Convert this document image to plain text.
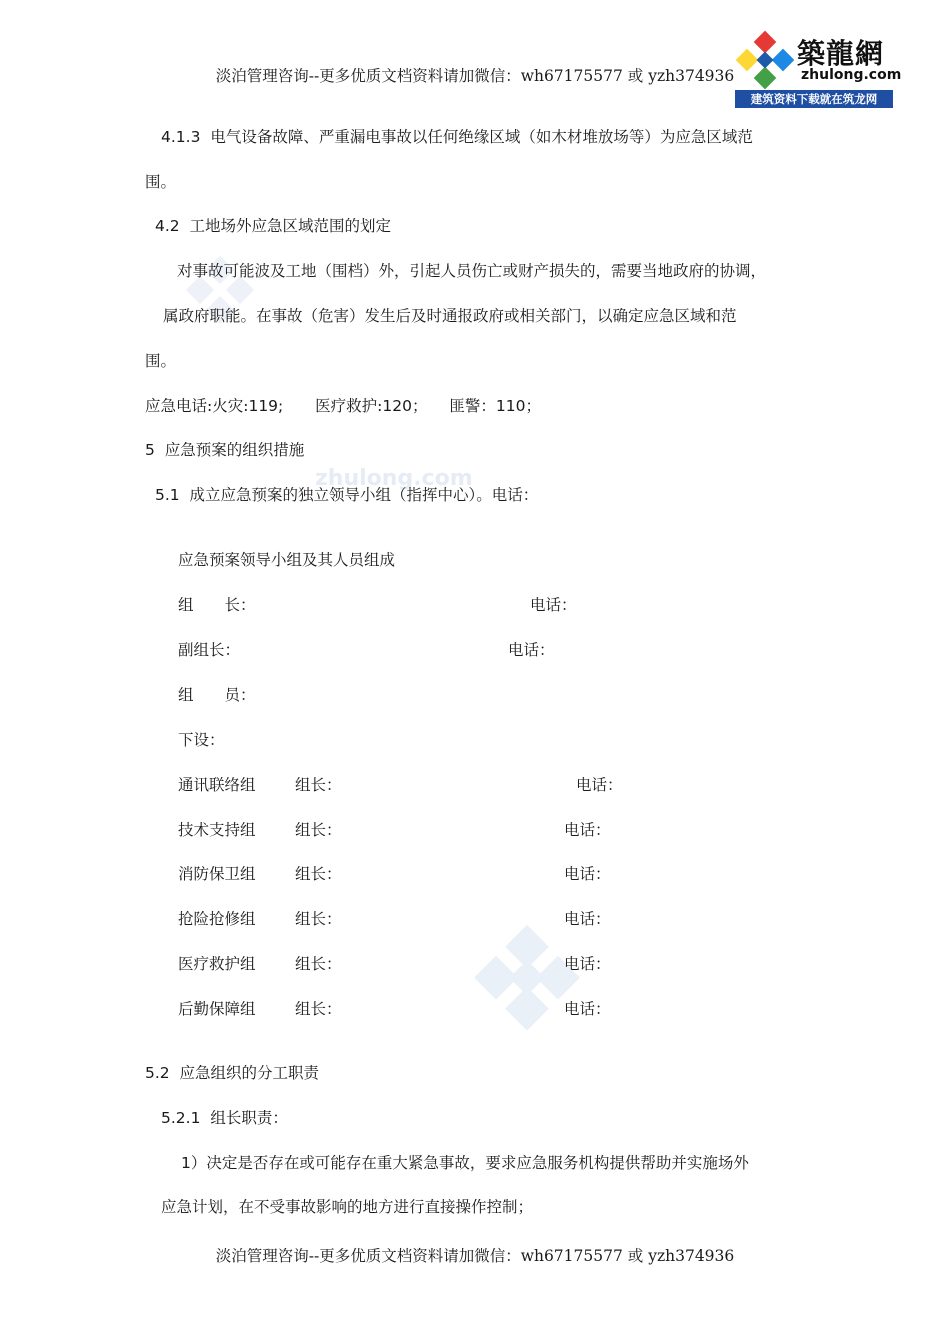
淡泊管理咨询--更多优质文档资料请加微信：wh67175577 或 yzh374936
築龍網
zhulong.com
建筑资料下载就在筑龙网
zhulong.com
4.1.3 电气设备故障、严重漏电事故以任何绝缘区域（如木材堆放场等）为应急区域范
围。
4.2 工地场外应急区域范围的划定
对事故可能波及工地（围档）外，引起人员伤亡或财产损失的，需要当地政府的协调，
属政府职能。在事故（危害）发生后及时通报政府或相关部门，以确定应急区域和范
围。
应急电话:火灾:119; 医疗救护:120； 匪警：110；
5 应急预案的组织措施
5.1 成立应急预案的独立领导小组（指挥中心）。电话：
应急预案领导小组及其人员组成
组　　长：	电话：
副组长：	电话：
组　　员：
下设：
通讯联络组	组长：	电话：
技术支持组	组长：	电话：
消防保卫组	组长：	电话：
抢险抢修组	组长：	电话：
医疗救护组	组长：	电话：
后勤保障组	组长：	电话：
5.2 应急组织的分工职责
5.2.1 组长职责：
1）决定是否存在或可能存在重大紧急事故，要求应急服务机构提供帮助并实施场外
应急计划，在不受事故影响的地方进行直接操作控制；
淡泊管理咨询--更多优质文档资料请加微信：wh67175577 或 yzh374936
